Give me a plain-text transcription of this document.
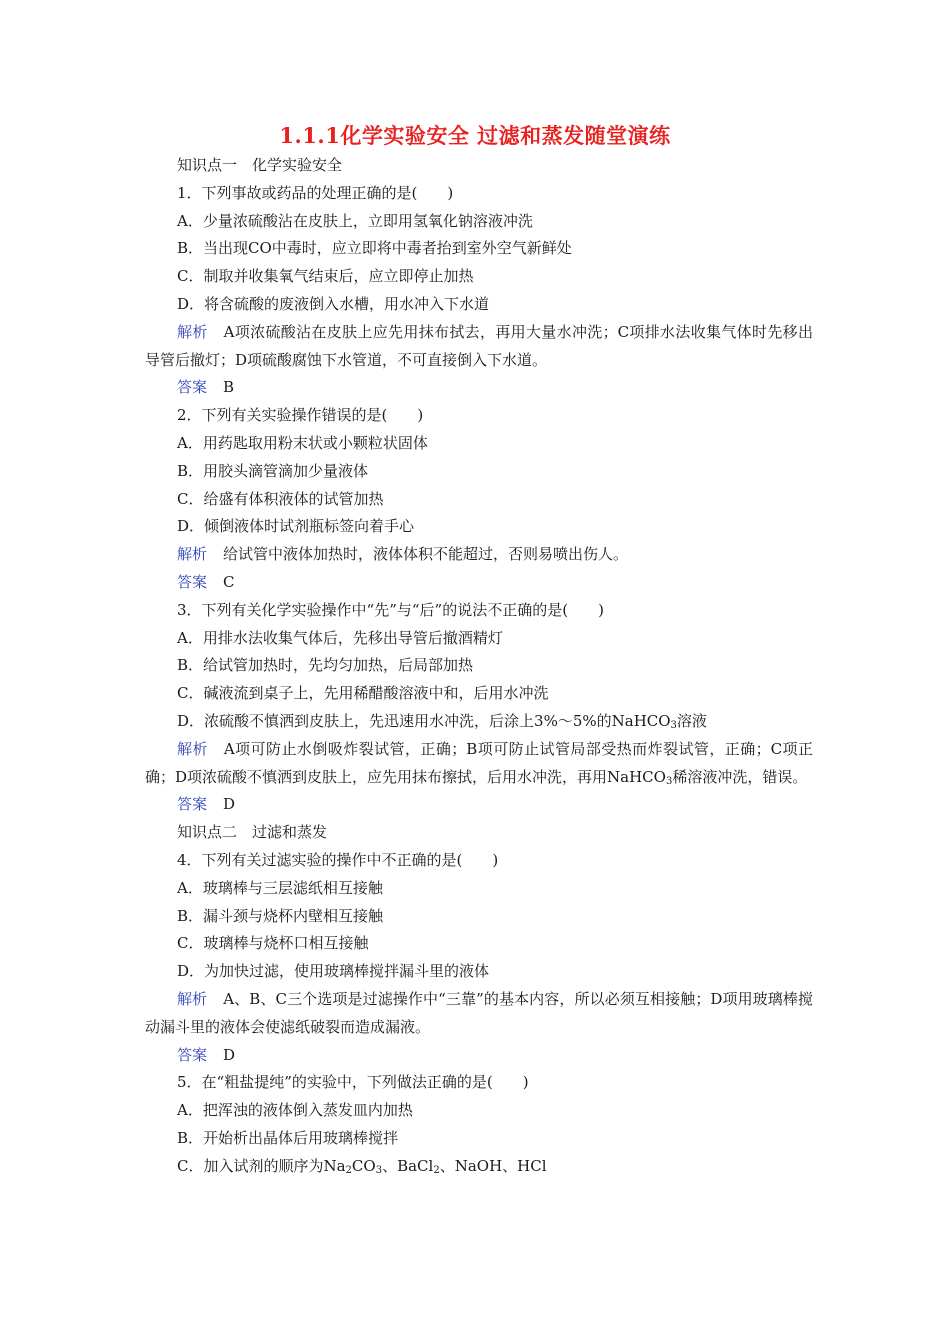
1.1.1化学实验安全 过滤和蒸发随堂演练

知识点一　化学实验安全

1．下列事故或药品的处理正确的是(　　)

A．少量浓硫酸沾在皮肤上，立即用氢氧化钠溶液冲洗

B．当出现CO中毒时，应立即将中毒者抬到室外空气新鲜处

C．制取并收集氧气结束后，应立即停止加热

D．将含硫酸的废液倒入水槽，用水冲入下水道

解析 A项浓硫酸沾在皮肤上应先用抹布拭去，再用大量水冲洗；C项排水法收集气体时先移出导管后撤灯；D项硫酸腐蚀下水管道，不可直接倒入下水道。

答案 B

2．下列有关实验操作错误的是(　　)

A．用药匙取用粉末状或小颗粒状固体

B．用胶头滴管滴加少量液体

C．给盛有体积液体的试管加热

D．倾倒液体时试剂瓶标签向着手心

解析 给试管中液体加热时，液体体积不能超过，否则易喷出伤人。

答案 C

3．下列有关化学实验操作中“先”与“后”的说法不正确的是(　　)

A．用排水法收集气体后，先移出导管后撤酒精灯

B．给试管加热时，先均匀加热，后局部加热

C．碱液流到桌子上，先用稀醋酸溶液中和，后用水冲洗

D．浓硫酸不慎洒到皮肤上，先迅速用水冲洗，后涂上3%～5%的NaHCO$_3$溶液

解析 A项可防止水倒吸炸裂试管，正确；B项可防止试管局部受热而炸裂试管，正确；C项正确；D项浓硫酸不慎洒到皮肤上，应先用抹布擦拭，后用水冲洗，再用NaHCO$_3$稀溶液冲洗，错误。

答案 D

知识点二　过滤和蒸发

4．下列有关过滤实验的操作中不正确的是(　　)

A．玻璃棒与三层滤纸相互接触

B．漏斗颈与烧杯内壁相互接触

C．玻璃棒与烧杯口相互接触

D．为加快过滤，使用玻璃棒搅拌漏斗里的液体

解析 A、B、C三个选项是过滤操作中“三靠”的基本内容，所以必须互相接触；D项用玻璃棒搅动漏斗里的液体会使滤纸破裂而造成漏液。

答案 D

5．在“粗盐提纯”的实验中，下列做法正确的是(　　)

A．把浑浊的液体倒入蒸发皿内加热

B．开始析出晶体后用玻璃棒搅拌

C．加入试剂的顺序为$Na_2CO_3$、BaCl$_2$、NaOH、HCl
